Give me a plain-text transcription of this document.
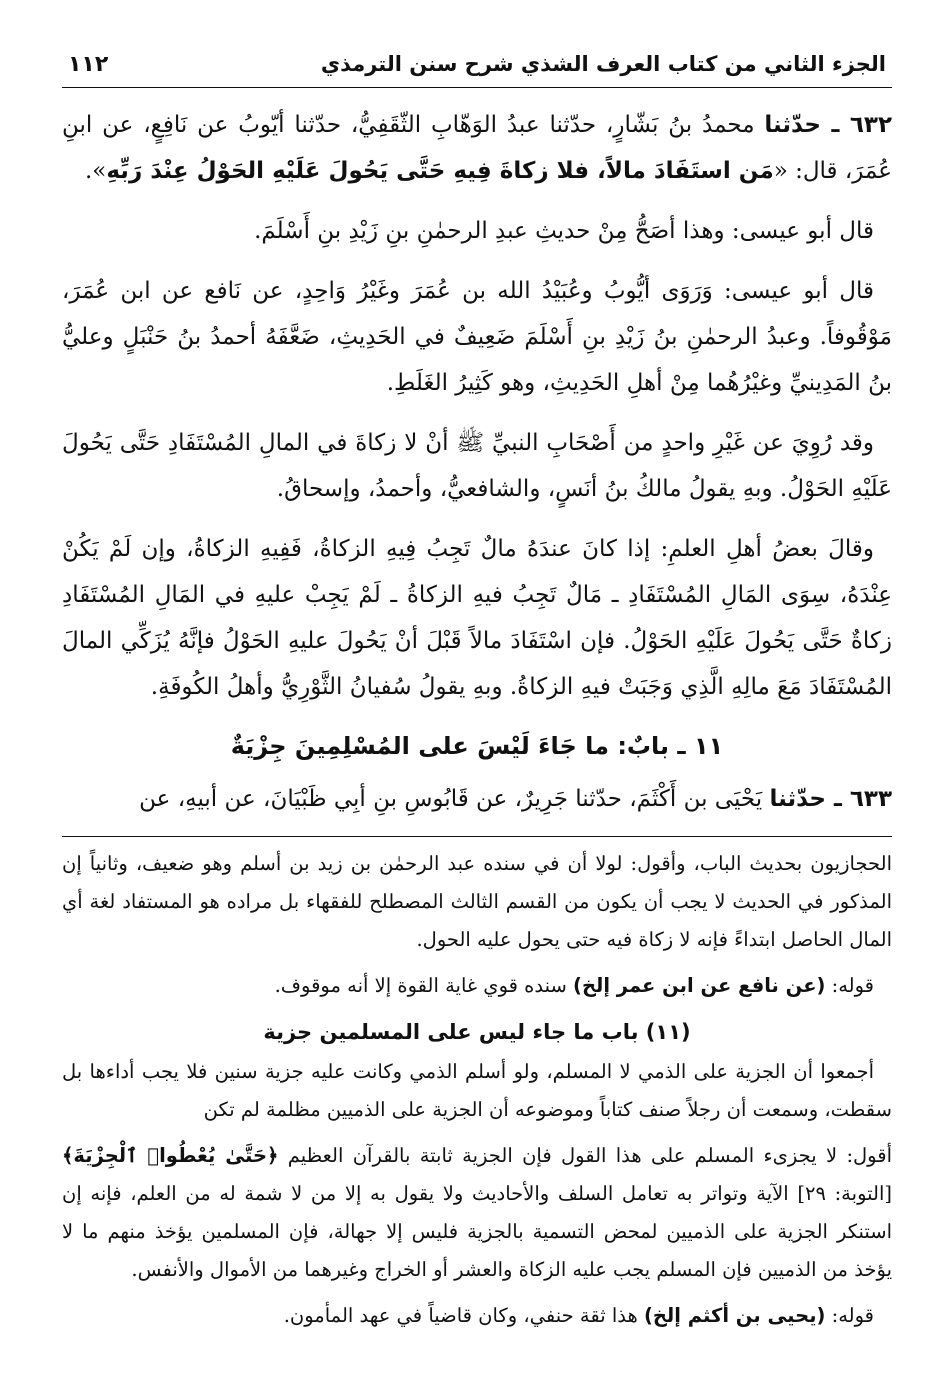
الجزء الثاني من كتاب العرف الشذي شرح سنن الترمذي
١١٢

٦٣٢ ـ حدّثنا محمدُ بنُ بَشّارٍ، حدّثنا عبدُ الوَهّابِ الثّقَفِيُّ، حدّثنا أيّوبُ عن نَافِعٍ، عن ابنِ عُمَرَ، قال: «مَن استَفَادَ مالاً، فلا زكاةَ فِيهِ حَتَّى يَحُولَ عَلَيْهِ الحَوْلُ عِنْدَ رَبِّهِ».

قال أبو عيسى: وهذا أصَحُّ مِنْ حديثِ عبدِ الرحمٰنِ بنِ زَيْدِ بنِ أَسْلَمَ.

قال أبو عيسى: وَرَوَى أيُّوبُ وعُبَيْدُ الله بن عُمَرَ وغَيْرُ وَاحِدٍ، عن نَافع عن ابن عُمَرَ، مَوْقُوفاً. وعبدُ الرحمٰنِ بنُ زَيْدِ بنِ أَسْلَمَ ضَعِيفٌ في الحَدِيثِ، ضَعَّفَهُ أحمدُ بنُ حَنْبَلٍ وعليُّ بنُ المَدِينيِّ وغيْرُهُما مِنْ أهلِ الحَدِيثِ، وهو كَثِيرُ الغَلَطِ.

وقد رُوِيَ عن غَيْرِ واحدٍ من أَصْحَابِ النبيِّ ﷺ أنْ لا زكاةَ في المالِ المُسْتَفَادِ حَتَّى يَحُولَ عَلَيْهِ الحَوْلُ. وبهِ يقولُ مالكُ بنُ أنَسٍ، والشافعيُّ، وأحمدُ، وإسحاقُ.

وقالَ بعضُ أهلِ العلمِ: إذا كانَ عندَهُ مالٌ تَجِبُ فِيهِ الزكاةُ، فَفِيهِ الزكاةُ، وإن لَمْ يَكُنْ عِنْدَهُ، سِوَى المَالِ المُسْتَفَادِ ـ مَالٌ تَجِبُ فيهِ الزكاةُ ـ لَمْ يَجِبْ عليهِ في المَالِ المُسْتَفَادِ زكاةٌ حَتَّى يَحُولَ عَلَيْهِ الحَوْلُ. فإن اسْتَفَادَ مالاً قَبْلَ أنْ يَحُولَ عليهِ الحَوْلُ فإنَّهُ يُزَكِّي المالَ المُسْتَفَادَ مَعَ مالِهِ الَّذِي وَجَبَتْ فيهِ الزكاةُ. وبهِ يقولُ سُفيانُ الثَّوْرِيُّ وأهلُ الكُوفَةِ.

١١ ـ بابٌ: ما جَاءَ لَيْسَ على المُسْلِمِينَ جِزْيَةٌ

٦٣٣ ـ حدّثنا يَحْيَى بن أَكْثَمَ، حدّثنا جَرِيرٌ، عن قَابُوسِ بنِ أبِي ظَبْيَانَ، عن أبيهِ، عن

الحجازيون بحديث الباب، وأقول: لولا أن في سنده عبد الرحمٰن بن زيد بن أسلم وهو ضعيف، وثانياً إن المذكور في الحديث لا يجب أن يكون من القسم الثالث المصطلح للفقهاء بل مراده هو المستفاد لغة أي المال الحاصل ابتداءً فإنه لا زكاة فيه حتى يحول عليه الحول.

قوله: (عن نافع عن ابن عمر إلخ) سنده قوي غاية القوة إلا أنه موقوف.

(١١) باب ما جاء ليس على المسلمين جزية

أجمعوا أن الجزية على الذمي لا المسلم، ولو أسلم الذمي وكانت عليه جزية سنين فلا يجب أداءها بل سقطت، وسمعت أن رجلاً صنف كتاباً وموضوعه أن الجزية على الذميين مظلمة لم تكن

أقول: لا يجزىء المسلم على هذا القول فإن الجزية ثابتة بالقرآن العظيم ﴿حَتَّىٰ يُعْطُوا۟ ٱلْجِزْيَةَ﴾ [التوبة: ٢٩] الآية وتواتر به تعامل السلف والأحاديث ولا يقول به إلا من لا شمة له من العلم، فإنه إن استنكر الجزية على الذميين لمحض التسمية بالجزية فليس إلا جهالة، فإن المسلمين يؤخذ منهم ما لا يؤخذ من الذميين فإن المسلم يجب عليه الزكاة والعشر أو الخراج وغيرهما من الأموال والأنفس.

قوله: (يحيى بن أكثم إلخ) هذا ثقة حنفي، وكان قاضياً في عهد المأمون.
